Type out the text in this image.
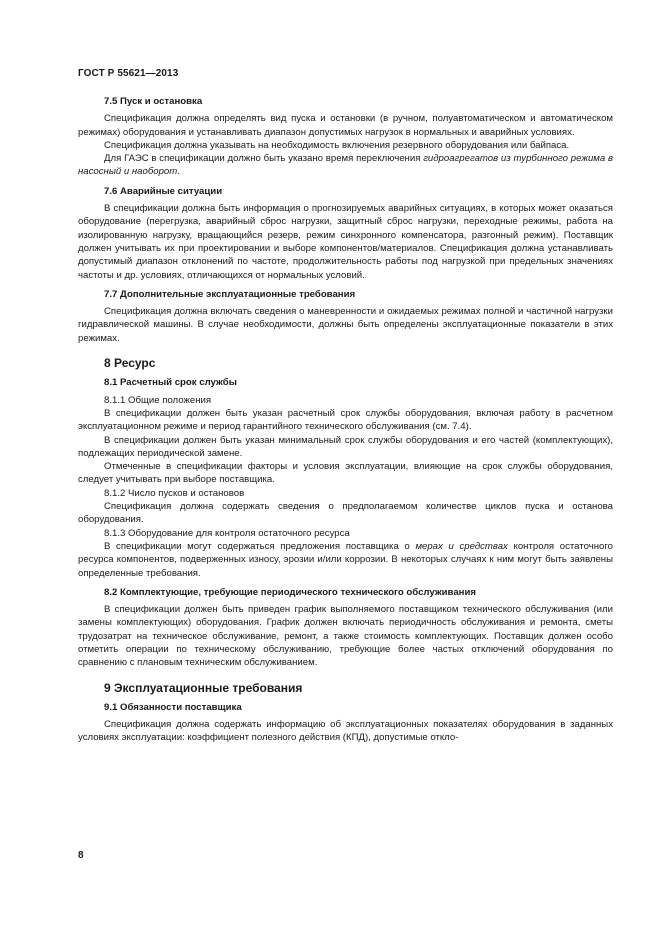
ГОСТ Р 55621—2013
7.5 Пуск и остановка

Спецификация должна определять вид пуска и остановки (в ручном, полуавтоматическом и автоматическом режимах) оборудования и устанавливать диапазон допустимых нагрузок в нормальных и аварийных условиях.

Спецификация должна указывать на необходимость включения резервного оборудования или байпаса.

Для ГАЭС в спецификации должно быть указано время переключения гидроагрегатов из турбинного режима в насосный и наоборот.

7.6 Аварийные ситуации

В спецификации должна быть информация о прогнозируемых аварийных ситуациях, в которых может оказаться оборудование (перегрузка, аварийный сброс нагрузки, защитный сброс нагрузки, переходные режимы, работа на изолированную нагрузку, вращающийся резерв, режим синхронного компенсатора, разгонный режим). Поставщик должен учитывать их при проектировании и выборе компонентов/материалов. Спецификация должна устанавливать допустимый диапазон отклонений по частоте, продолжительность работы под нагрузкой при предельных значениях частоты и др. условиях, отличающихся от нормальных условий.

7.7 Дополнительные эксплуатационные требования

Спецификация должна включать сведения о маневренности и ожидаемых режимах полной и частичной нагрузки гидравлической машины. В случае необходимости, должны быть определены эксплуатационные показатели в этих режимах.

8 Ресурс
8.1 Расчетный срок службы

8.1.1 Общие положения

В спецификации должен быть указан расчетный срок службы оборудования, включая работу в расчетном эксплуатационном режиме и период гарантийного технического обслуживания (см. 7.4).

В спецификации должен быть указан минимальный срок службы оборудования и его частей (комплектующих), подлежащих периодической замене.

Отмеченные в спецификации факторы и условия эксплуатации, влияющие на срок службы оборудования, следует учитывать при выборе поставщика.

8.1.2 Число пусков и остановов

Спецификация должна содержать сведения о предполагаемом количестве циклов пуска и останова оборудования.

8.1.3 Оборудование для контроля остаточного ресурса

В спецификации могут содержаться предложения поставщика о мерах и средствах контроля остаточного ресурса компонентов, подверженных износу, эрозии и/или коррозии. В некоторых случаях к ним могут быть заявлены определенные требования.

8.2 Комплектующие, требующие периодического технического обслуживания

В спецификации должен быть приведен график выполняемого поставщиком технического обслуживания (или замены комплектующих) оборудования. График должен включать периодичность обслуживания и ремонта, сметы трудозатрат на техническое обслуживание, ремонт, а также стоимость комплектующих. Поставщик должен особо отметить операции по техническому обслуживанию, требующие более частых отключений оборудования по сравнению с плановым техническим обслуживанием.

9 Эксплуатационные требования
9.1 Обязанности поставщика

Спецификация должна содержать информацию об эксплуатационных показателях оборудования в заданных условиях эксплуатации: коэффициент полезного действия (КПД), допустимые откло-

8
